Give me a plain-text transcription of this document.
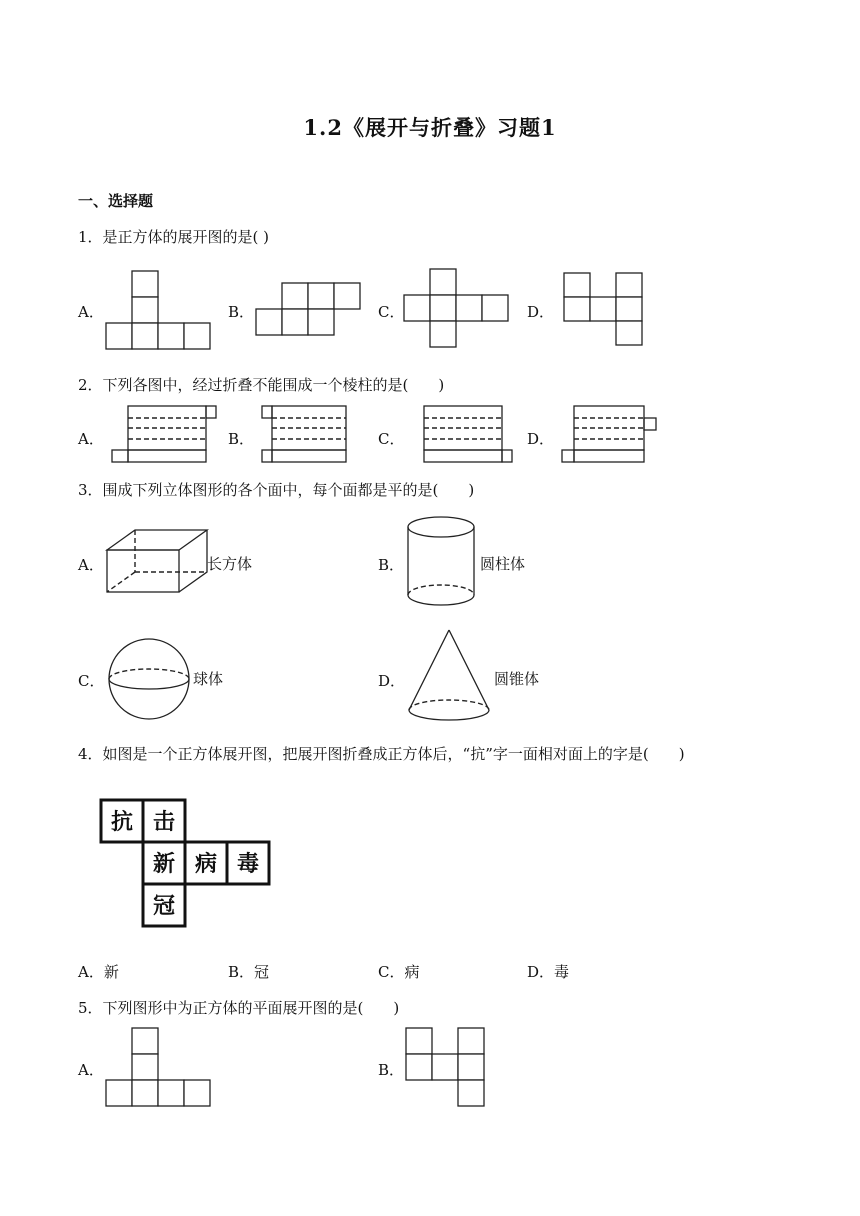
1.2《展开与折叠》习题1
一、选择题
1．是正方体的展开图的是( )
A．	B．	C．	D．
2．下列各图中，经过折叠不能围成一个棱柱的是(　　)
A．	B．	C．	D．
3．围成下列立体图形的各个面中，每个面都是平的是(　　)
A．	长方体	B．	圆柱体
C．	球体	D．	圆锥体
4．如图是一个正方体展开图，把展开图折叠成正方体后，“抗”字一面相对面上的字是(　　)
抗 击
新 病 毒
冠
A．新	B．冠	C．病	D．毒
5．下列图形中为正方体的平面展开图的是(　　)
A．	B．
